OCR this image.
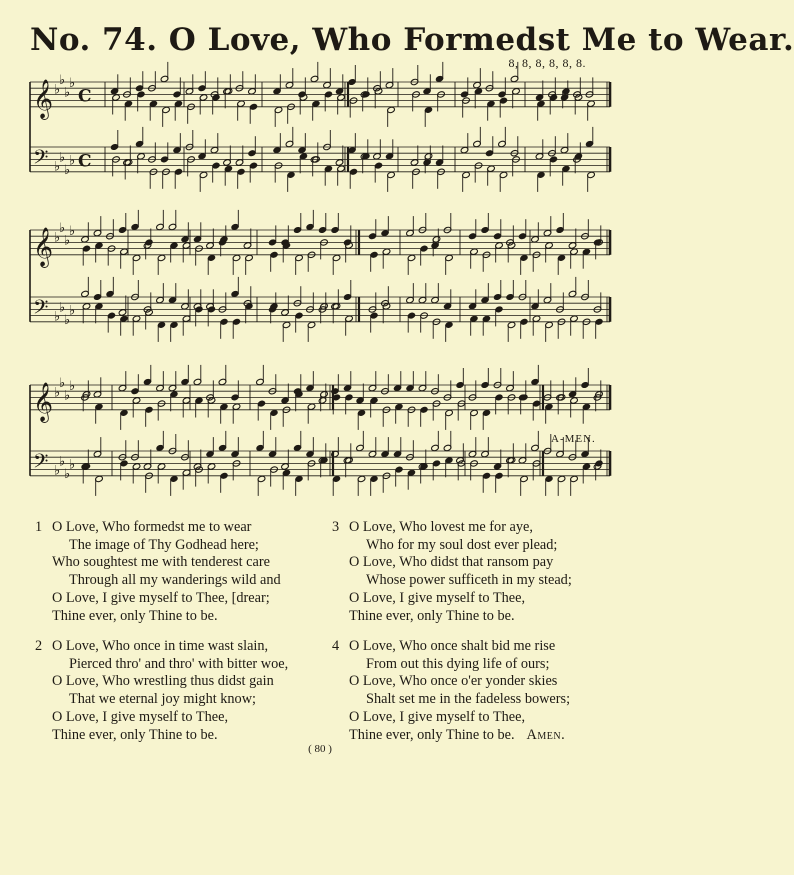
No. 74. O Love, Who Formedst Me to Wear.
8, 8, 8, 8, 8, 8.
𝄞 ♭
♭
♭
♭
C
𝄢 ♭
♭
♭
♭ C
𝄞 ♭
♭
♭
♭
𝄢 ♭
♭
♭
♭
𝄞 ♭
♭
♭
♭
𝄢 ♭
♭
♭
♭
A-MEN.
1 O Love, Who formedst me to wear
The image of Thy Godhead here;
Who soughtest me with tenderest care
Through all my wanderings wild and
O Love, I give myself to Thee, [drear;
Thine ever, only Thine to be.
2 O Love, Who once in time wast slain,
Pierced thro' and thro' with bitter woe,
O Love, Who wrestling thus didst gain
That we eternal joy might know;
O Love, I give myself to Thee,
Thine ever, only Thine to be.
3 O Love, Who lovest me for aye,
Who for my soul dost ever plead;
O Love, Who didst that ransom pay
Whose power sufficeth in my stead;
O Love, I give myself to Thee,
Thine ever, only Thine to be.
4 O Love, Who once shalt bid me rise
From out this dying life of ours;
O Love, Who once o'er yonder skies
Shalt set me in the fadeless bowers;
O Love, I give myself to Thee,
Thine ever, only Thine to be. Amen.
( 80 )
